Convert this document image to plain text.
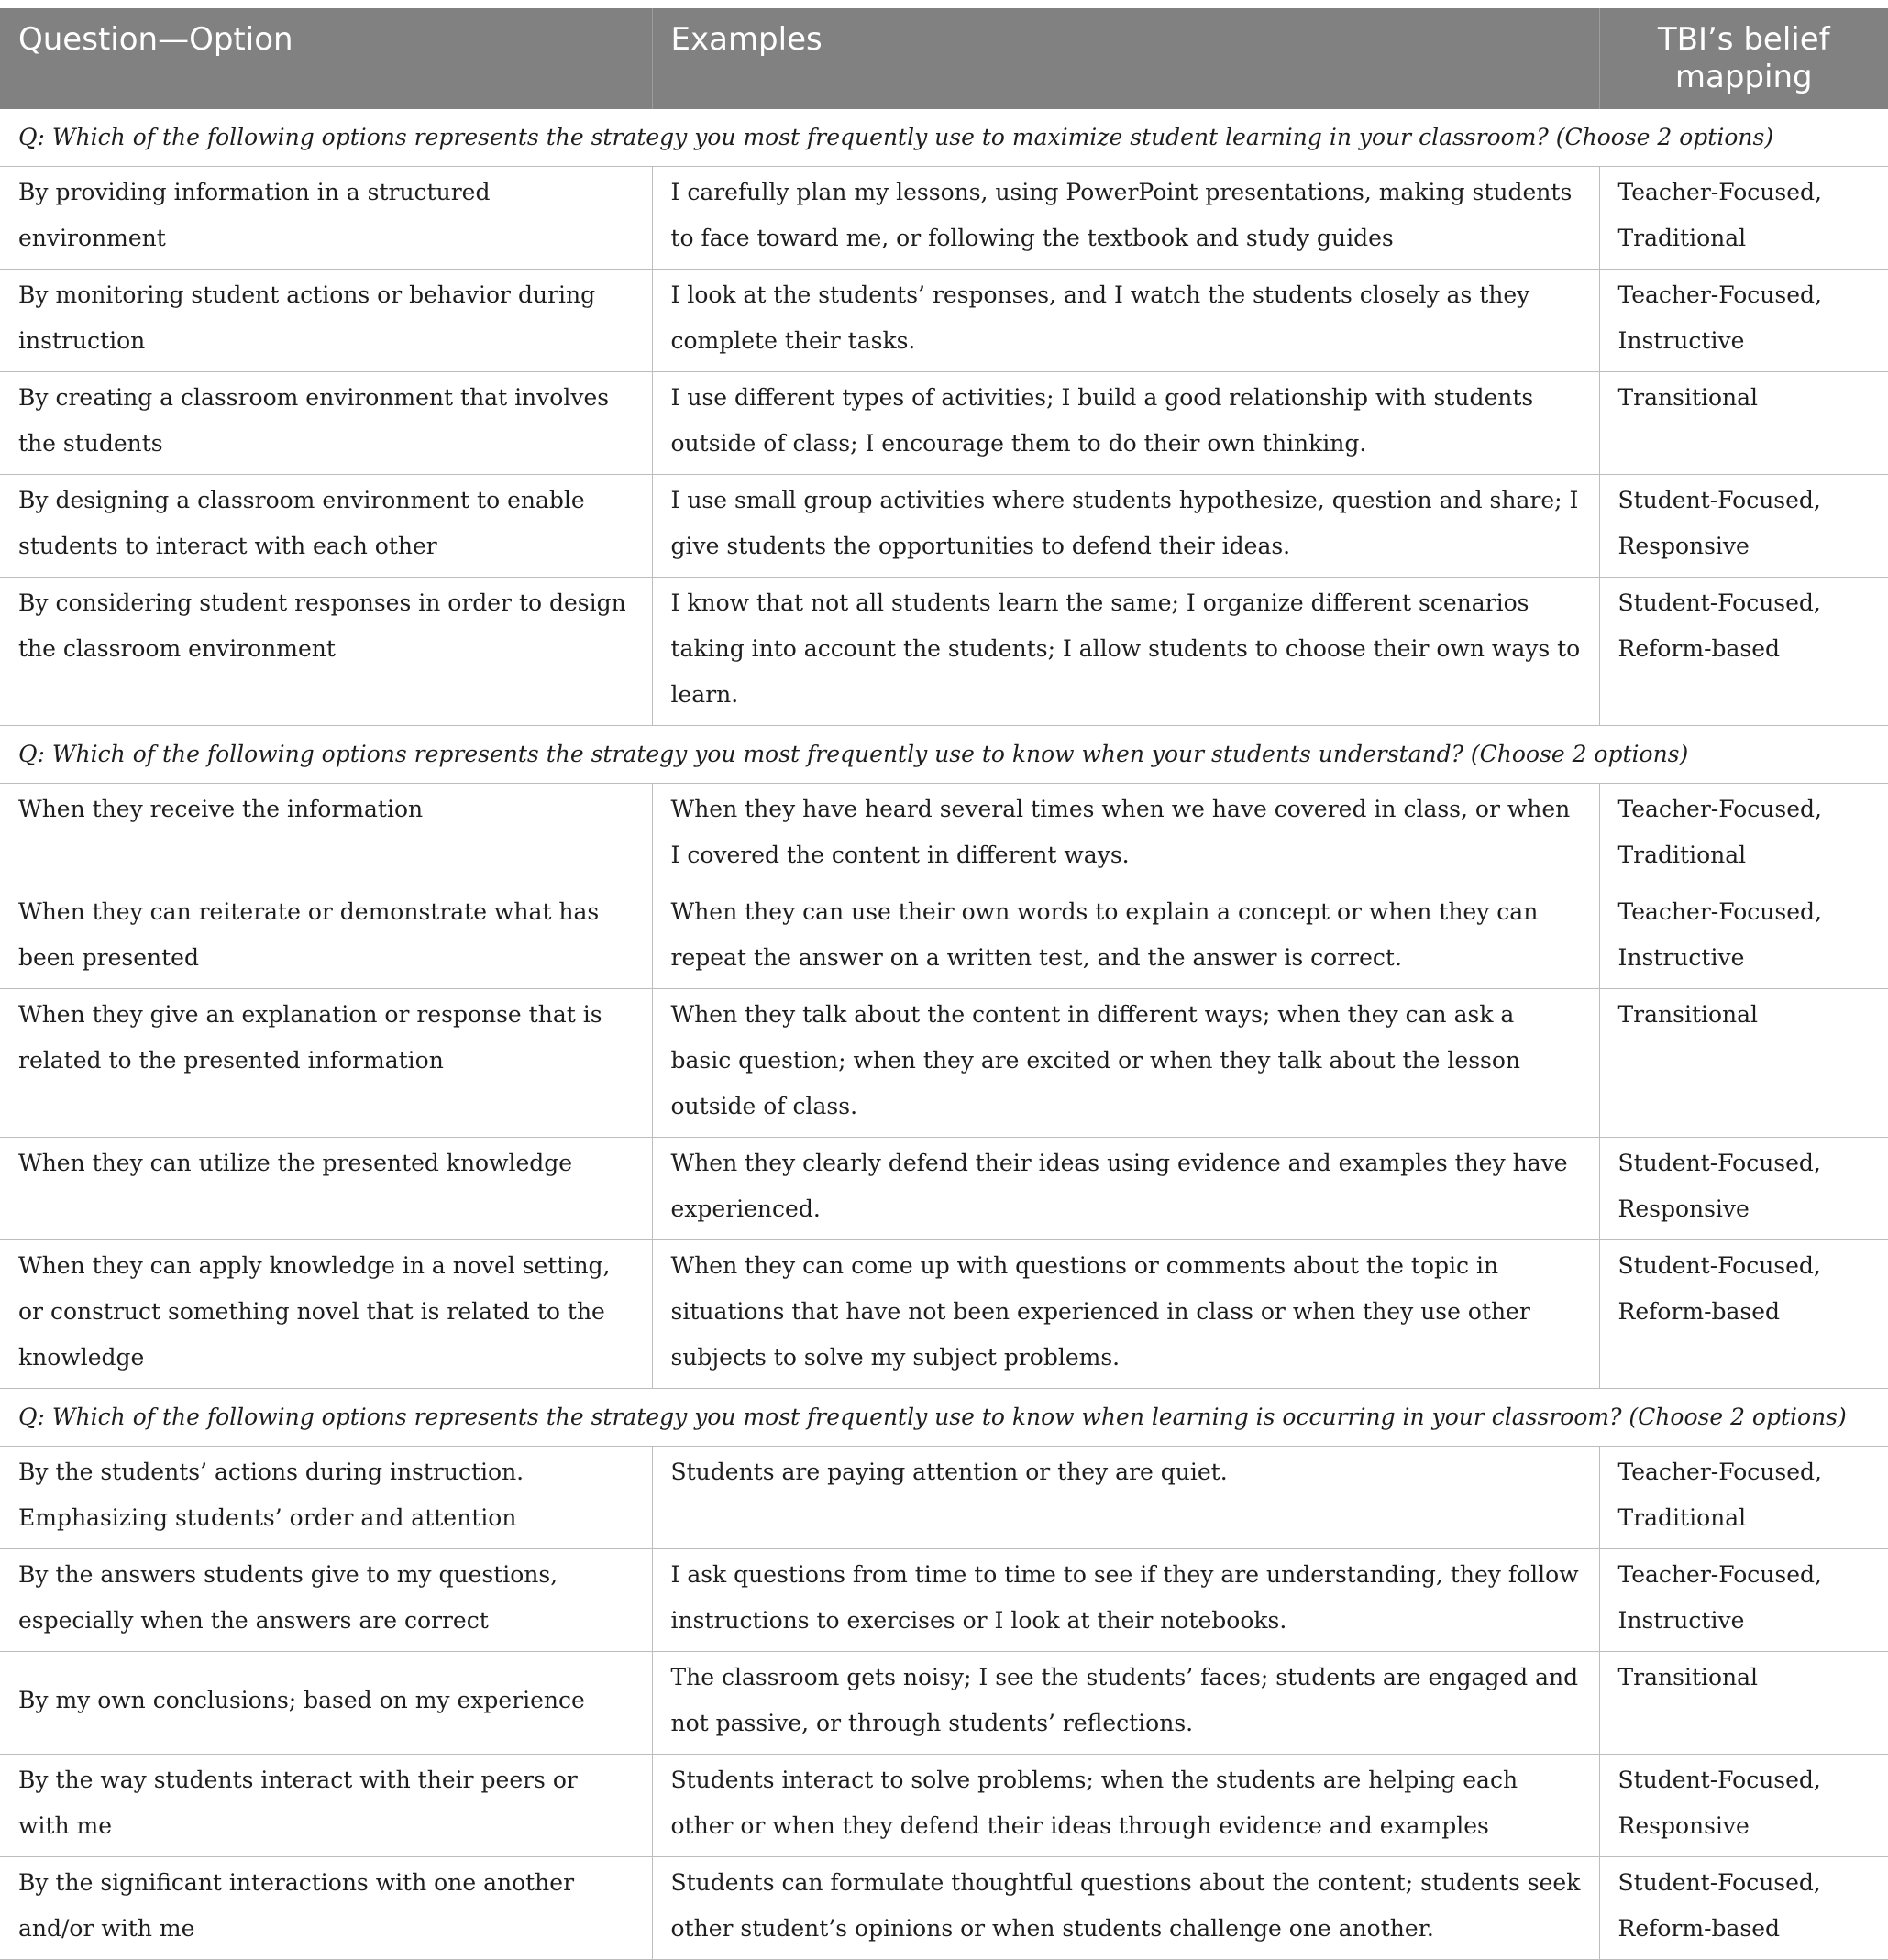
Question—Option	Examples	TBI’s belief mapping
Q: Which of the following options represents the strategy you most frequently use to maximize student learning in your classroom? (Choose 2 options)		
By providing information in a structured environment	I carefully plan my lessons, using PowerPoint presentations, making students to face toward me, or following the textbook and study guides	Teacher-Focused, Traditional
By monitoring student actions or behavior during instruction	I look at the students’ responses, and I watch the students closely as they complete their tasks.	Teacher-Focused, Instructive
By creating a classroom environment that involves the students	I use different types of activities; I build a good relationship with students outside of class; I encourage them to do their own thinking.	Transitional
By designing a classroom environment to enable students to interact with each other	I use small group activities where students hypothesize, question and share; I give students the opportunities to defend their ideas.	Student-Focused, Responsive
By considering student responses in order to design the classroom environment	I know that not all students learn the same; I organize different scenarios taking into account the students; I allow students to choose their own ways to learn.	Student-Focused, Reform-based
Q: Which of the following options represents the strategy you most frequently use to know when your students understand? (Choose 2 options)		
When they receive the information	When they have heard several times when we have covered in class, or when I covered the content in different ways.	Teacher-Focused, Traditional
When they can reiterate or demonstrate what has been presented	When they can use their own words to explain a concept or when they can repeat the answer on a written test, and the answer is correct.	Teacher-Focused, Instructive
When they give an explanation or response that is related to the presented information	When they talk about the content in different ways; when they can ask a basic question; when they are excited or when they talk about the lesson outside of class.	Transitional
When they can utilize the presented knowledge	When they clearly defend their ideas using evidence and examples they have experienced.	Student-Focused, Responsive
When they can apply knowledge in a novel setting, or construct something novel that is related to the knowledge	When they can come up with questions or comments about the topic in situations that have not been experienced in class or when they use other subjects to solve my subject problems.	Student-Focused, Reform-based
Q: Which of the following options represents the strategy you most frequently use to know when learning is occurring in your classroom? (Choose 2 options)		
By the students’ actions during instruction. Emphasizing students’ order and attention	Students are paying attention or they are quiet.	Teacher-Focused, Traditional
By the answers students give to my questions, especially when the answers are correct	I ask questions from time to time to see if they are understanding, they follow instructions to exercises or I look at their notebooks.	Teacher-Focused, Instructive
By my own conclusions; based on my experience	The classroom gets noisy; I see the students’ faces; students are engaged and not passive, or through students’ reflections.	Transitional
By the way students interact with their peers or with me	Students interact to solve problems; when the students are helping each other or when they defend their ideas through evidence and examples	Student-Focused, Responsive
By the significant interactions with one another and/or with me	Students can formulate thoughtful questions about the content; students seek other student’s opinions or when students challenge one another.	Student-Focused, Reform-based
